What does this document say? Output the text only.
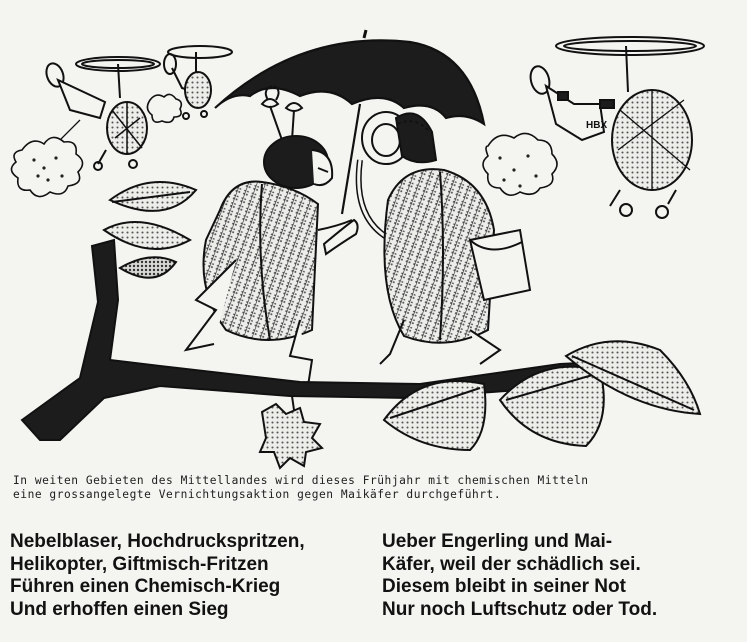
HBX
In weiten Gebieten des Mittellandes wird dieses Frühjahr mit chemischen Mitteln
eine grossangelegte Vernichtungsaktion gegen Maikäfer durchgeführt.
Nebelblaser, Hochdruckspritzen,
Helikopter, Giftmisch-Fritzen
Führen einen Chemisch-Krieg
Und erhoffen einen Sieg
Ueber Engerling und Mai-
Käfer, weil der schädlich sei.
Diesem bleibt in seiner Not
Nur noch Luftschutz oder Tod.
